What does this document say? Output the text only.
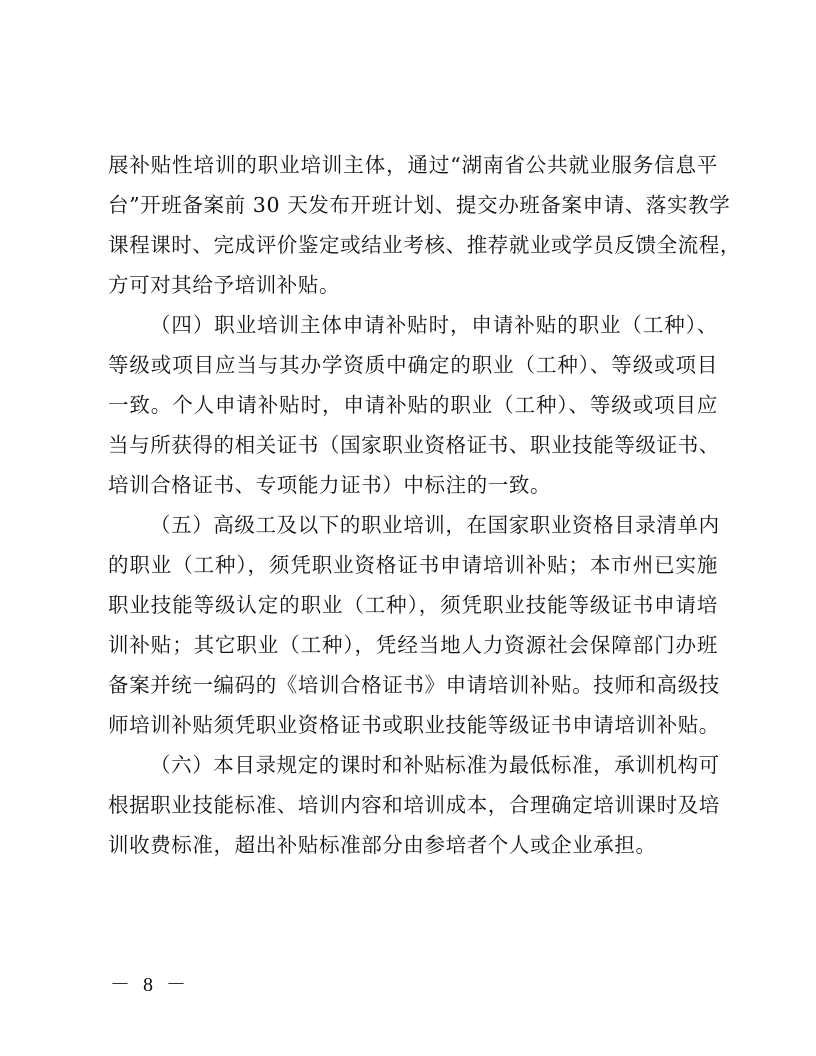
展补贴性培训的职业培训主体，通过“湖南省公共就业服务信息平
台”开班备案前 30 天发布开班计划、提交办班备案申请、落实教学
课程课时、完成评价鉴定或结业考核、推荐就业或学员反馈全流程，
方可对其给予培训补贴。

（四）职业培训主体申请补贴时，申请补贴的职业（工种）、
等级或项目应当与其办学资质中确定的职业（工种）、等级或项目
一致。个人申请补贴时，申请补贴的职业（工种）、等级或项目应
当与所获得的相关证书（国家职业资格证书、职业技能等级证书、
培训合格证书、专项能力证书）中标注的一致。

（五）高级工及以下的职业培训，在国家职业资格目录清单内
的职业（工种），须凭职业资格证书申请培训补贴；本市州已实施
职业技能等级认定的职业（工种），须凭职业技能等级证书申请培
训补贴；其它职业（工种），凭经当地人力资源社会保障部门办班
备案并统一编码的《培训合格证书》申请培训补贴。技师和高级技
师培训补贴须凭职业资格证书或职业技能等级证书申请培训补贴。

（六）本目录规定的课时和补贴标准为最低标准，承训机构可
根据职业技能标准、培训内容和培训成本，合理确定培训课时及培
训收费标准，超出补贴标准部分由参培者个人或企业承担。

－ 8 －
